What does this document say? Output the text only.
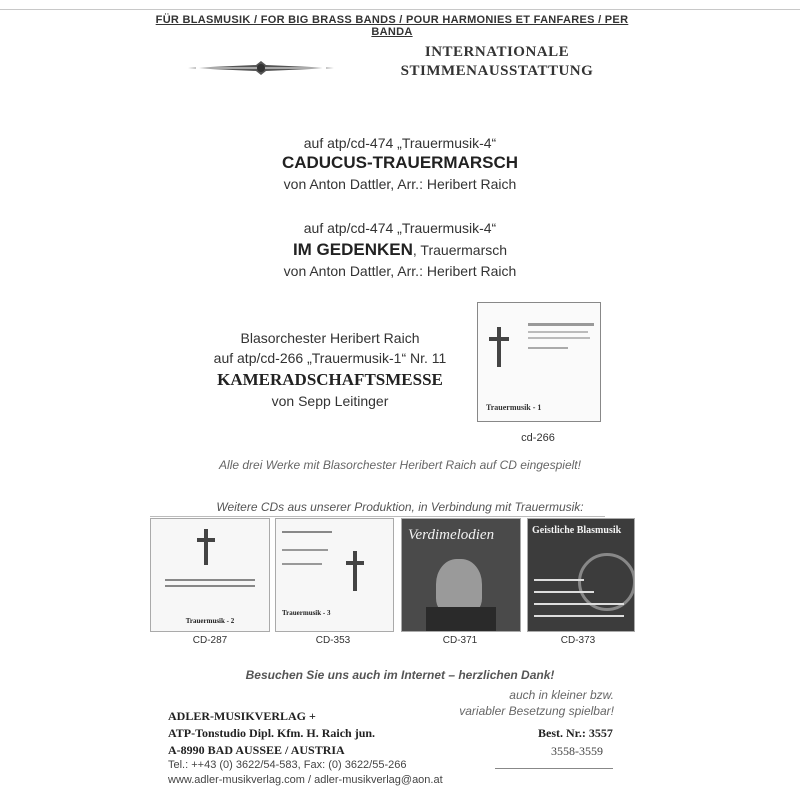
FÜR BLASMUSIK / FOR BIG BRASS BANDS / POUR HARMONIES ET FANFARES / PER BANDA
INTERNATIONALE
STIMMENAUSSTATTUNG
auf atp/cd-474 „Trauermusik-4“
CADUCUS-TRAUERMARSCH
von Anton Dattler, Arr.: Heribert Raich
auf atp/cd-474 „Trauermusik-4“
IM GEDENKEN, Trauermarsch
von Anton Dattler, Arr.: Heribert Raich
Blasorchester Heribert Raich
auf atp/cd-266 „Trauermusik-1“ Nr. 11
KAMERADSCHAFTSMESSE
von Sepp Leitinger	Trauermusik - 1
cd-266
Alle drei Werke mit Blasorchester Heribert Raich auf CD eingespielt!
Weitere CDs aus unserer Produktion, in Verbindung mit Trauermusik:
Trauermusik - 2
CD-287
Trauermusik - 3
CD-353
Verdimelodien
CD-371
Geistliche Blasmusik
CD-373
Besuchen Sie uns auch im Internet – herzlichen Dank!
auch in kleiner bzw.
variabler Besetzung spielbar!
ADLER-MUSIKVERLAG +
ATP-Tonstudio Dipl. Kfm. H. Raich jun.
A-8990 BAD AUSSEE / AUSTRIA
Tel.: ++43 (0) 3622/54-583, Fax: (0) 3622/55-266
www.adler-musikverlag.com / adler-musikverlag@aon.at
Best. Nr.: 3557
3558-3559
